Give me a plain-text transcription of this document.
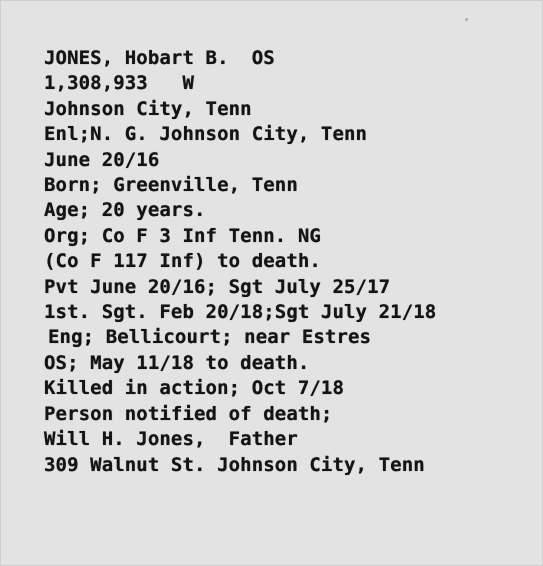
JONES, Hobart B.  OS
1,308,933   W
Johnson City, Tenn
Enl;N. G. Johnson City, Tenn
June 20/16
Born; Greenville, Tenn
Age; 20 years.
Org; Co F 3 Inf Tenn. NG
(Co F 117 Inf) to death.
Pvt June 20/16; Sgt July 25/17
1st. Sgt. Feb 20/18;Sgt July 21/18
Eng; Bellicourt; near Estres
OS; May 11/18 to death.
Killed in action; Oct 7/18
Person notified of death;
Will H. Jones,  Father
309 Walnut St. Johnson City, Tenn
